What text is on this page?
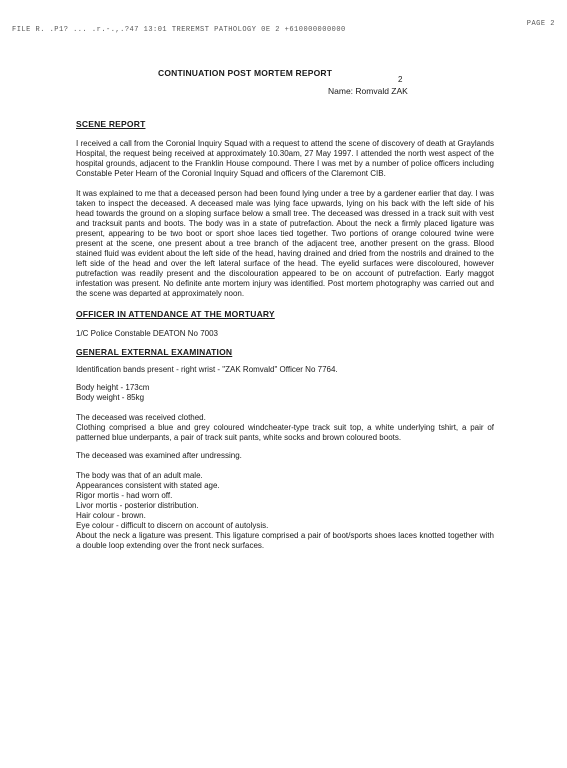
FILE R. .P1? ... .r.-.,.?47 13:01 TREREMST PATHOLOGY 0E 2 +610000000000
PAGE 2
CONTINUATION POST MORTEM REPORT
2
Name: Romvald ZAK
SCENE REPORT

I received a call from the Coronial Inquiry Squad with a request to attend the scene of discovery of death at Graylands Hospital, the request being received at approximately 10.30am, 27 May 1997. I attended the north west aspect of the hospital grounds, adjacent to the Franklin House compound. There I was met by a number of police officers including Constable Peter Hearn of the Coronial Inquiry Squad and officers of the Claremont CIB.

It was explained to me that a deceased person had been found lying under a tree by a gardener earlier that day. I was taken to inspect the deceased. A deceased male was lying face upwards, lying on his back with the left side of his head towards the ground on a sloping surface below a small tree. The deceased was dressed in a track suit with vest and tracksuit pants and boots. The body was in a state of putrefaction. About the neck a firmly placed ligature was present, appearing to be two boot or sport shoe laces tied together. Two portions of orange coloured twine were present at the scene, one present about a tree branch of the adjacent tree, another present on the grass. Blood stained fluid was evident about the left side of the head, having drained and dried from the nostrils and drained to the left side of the head and over the left lateral surface of the head. The eyelid surfaces were discoloured, however putrefaction was readily present and the discolouration appeared to be on account of putrefaction. Early maggot infestation was present. No definite ante mortem injury was identified. Post mortem photography was carried out and the scene was departed at approximately noon.

OFFICER IN ATTENDANCE AT THE MORTUARY

1/C Police Constable DEATON No 7003

GENERAL EXTERNAL EXAMINATION

Identification bands present - right wrist - "ZAK Romvald" Officer No 7764.

Body height - 173cm

Body weight - 85kg

The deceased was received clothed.

Clothing comprised a blue and grey coloured windcheater-type track suit top, a white underlying tshirt, a pair of patterned blue underpants, a pair of track suit pants, white socks and brown coloured boots.

The deceased was examined after undressing.

The body was that of an adult male.

Appearances consistent with stated age.

Rigor mortis - had worn off.

Livor mortis - posterior distribution.

Hair colour - brown.

Eye colour - difficult to discern on account of autolysis.

About the neck a ligature was present. This ligature comprised a pair of boot/sports shoes laces knotted together with a double loop extending over the front neck surfaces.
